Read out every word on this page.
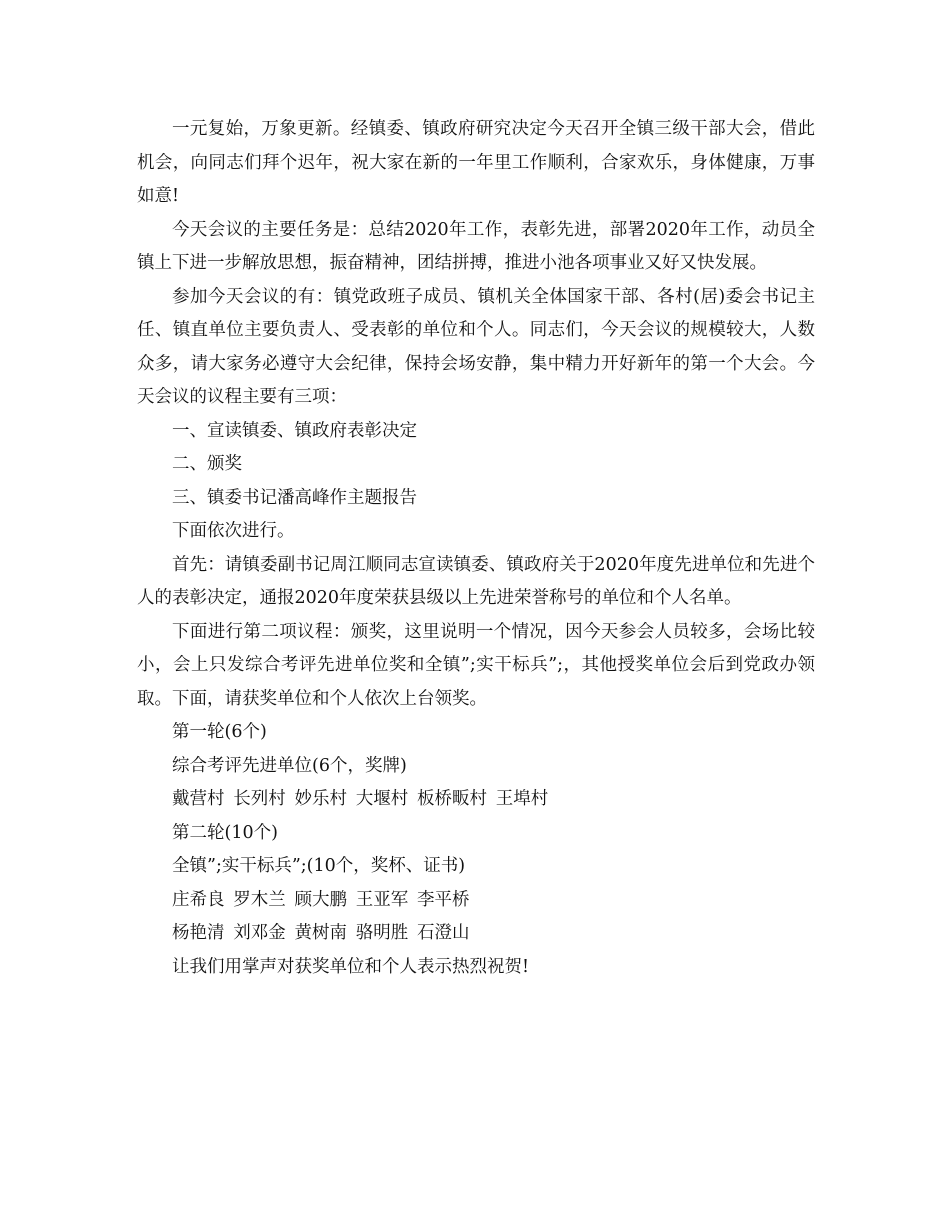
一元复始，万象更新。经镇委、镇政府研究决定今天召开全镇三级干部大会，借此机会，向同志们拜个迟年，祝大家在新的一年里工作顺利，合家欢乐，身体健康，万事如意!

今天会议的主要任务是：总结2020年工作，表彰先进，部署2020年工作，动员全镇上下进一步解放思想，振奋精神，团结拼搏，推进小池各项事业又好又快发展。

参加今天会议的有：镇党政班子成员、镇机关全体国家干部、各村(居)委会书记主任、镇直单位主要负责人、受表彰的单位和个人。同志们，今天会议的规模较大，人数众多，请大家务必遵守大会纪律，保持会场安静，集中精力开好新年的第一个大会。今天会议的议程主要有三项：

一、宣读镇委、镇政府表彰决定

二、颁奖

三、镇委书记潘高峰作主题报告

下面依次进行。

首先：请镇委副书记周江顺同志宣读镇委、镇政府关于2020年度先进单位和先进个人的表彰决定，通报2020年度荣获县级以上先进荣誉称号的单位和个人名单。

下面进行第二项议程：颁奖，这里说明一个情况，因今天参会人员较多，会场比较小，会上只发综合考评先进单位奖和全镇”;实干标兵”;，其他授奖单位会后到党政办领取。下面，请获奖单位和个人依次上台领奖。

第一轮(6个)

综合考评先进单位(6个，奖牌)

戴营村 长列村 妙乐村 大堰村 板桥畈村 王埠村

第二轮(10个)

全镇”;实干标兵”;(10个，奖杯、证书)

庄希良 罗木兰 顾大鹏 王亚军 李平桥

杨艳清 刘邓金 黄树南 骆明胜 石澄山

让我们用掌声对获奖单位和个人表示热烈祝贺!
